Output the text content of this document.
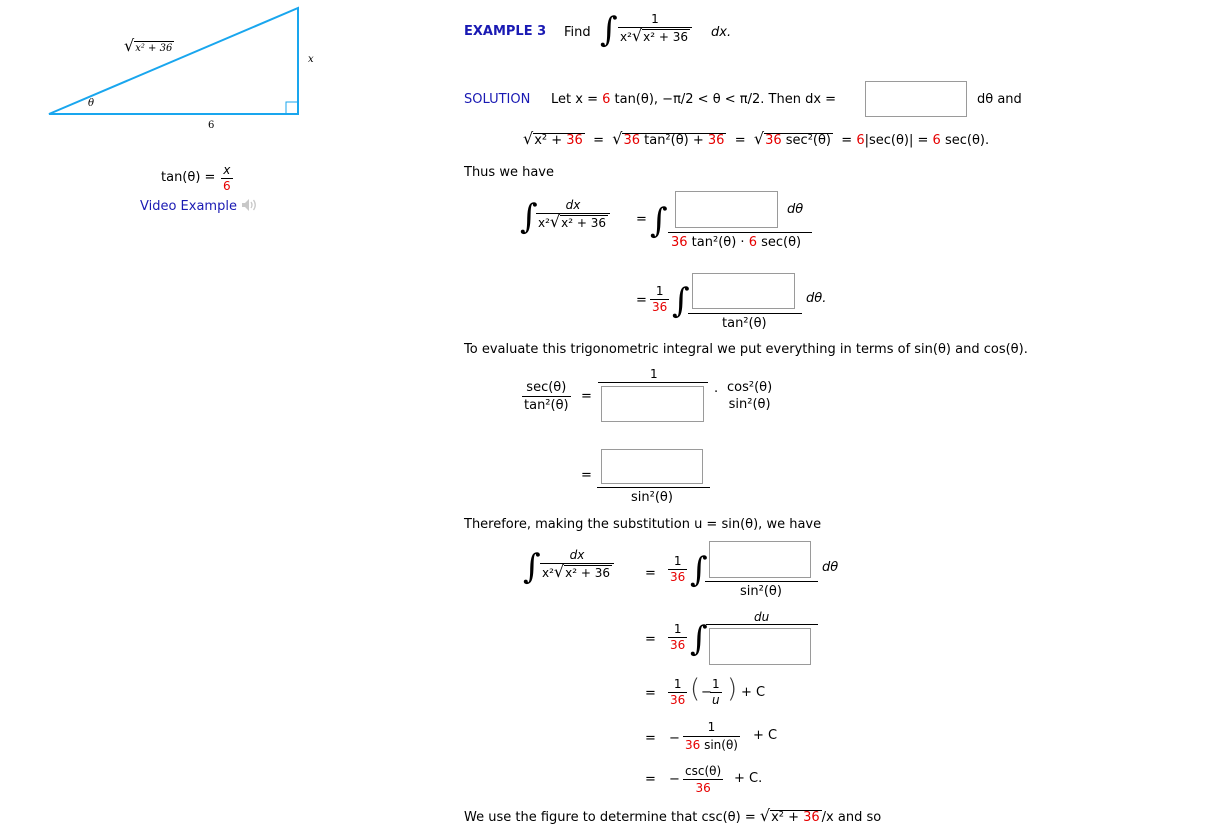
√x² + 36
x
6
θ
$\tan(\theta) = \frac{x}{6}$
Video Example
EXAMPLE 3 Find ∫ $\frac{1}{\text{x²√x² + 36}}$ dx.
SOLUTION Let x = 6 tan(θ), −π/2 < θ < π/2. Then dx =	dθ and
√x² + 36 = √36 tan²(θ) + 36 = √36 sec²(θ) = 6|sec(θ)| = 6 sec(θ).
Thus we have
∫
$\frac{dx}{\text{x²√x² + 36}}$ = ∫	dθ
36 tan²(θ) · 6 sec(θ)
= $\frac{1}{36}$ ∫	dθ.
tan²(θ)
To evaluate this trigonometric integral we put everything in terms of sin(θ) and cos(θ).
sec(θ)
tan²(θ)
=
1
· cos²(θ)
sin²(θ)
=
sin²(θ)
Therefore, making the substitution u = sin(θ), we have
∫ $\frac{dx}{\text{x²√x² + 36}} = \frac{1}{36}$ ∫	dθ
sin²(θ)
= $\frac{1}{36}$ ∫
du
= $\frac{1}{36}$ ( −
$\frac{1}{u}$ ) + C
= − $\frac{1}{36 \sin(\theta)} + C$
= −
csc(θ)
36
+ C.
We use the figure to determine that csc(θ) = √x² + 36 /x and so
